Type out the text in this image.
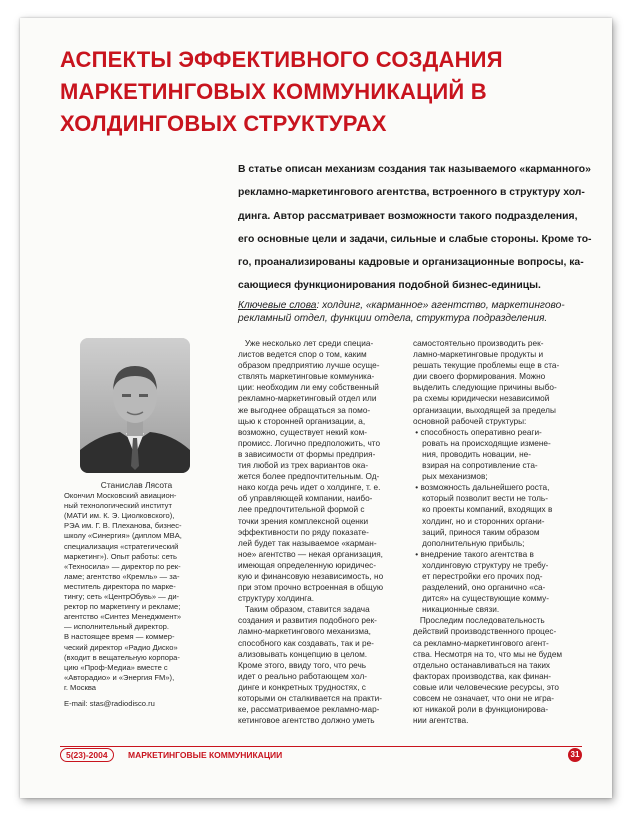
АСПЕКТЫ ЭФФЕКТИВНОГО СОЗДАНИЯ
МАРКЕТИНГОВЫХ КОММУНИКАЦИЙ В
ХОЛДИНГОВЫХ СТРУКТУРАХ
В статье описан механизм создания так называемого «карманного»
рекламно-маркетингового агентства, встроенного в структуру хол-
динга. Автор рассматривает возможности такого подразделения,
его основные цели и задачи, сильные и слабые стороны. Кроме то-
го, проанализированы кадровые и организационные вопросы, ка-
сающиеся функционирования подобной бизнес-единицы.
Ключевые слова: холдинг, «карманное» агентство, маркетингово-рекламный отдел, функции отдела, структура подразделения.
Станислав Лясота
Окончил Московский авиацион-
ный технологический институт
(МАТИ им. К. Э. Циолковского),
РЭА им. Г. В. Плеханова, бизнес-
школу «Синергия» (диплом MBA,
специализация «стратегический
маркетинг»). Опыт работы: сеть
«Техносила» — директор по рек-
ламе; агентство «Кремль» — за-
меститель директора по марке-
тингу; сеть «ЦентрОбувь» — ди-
ректор по маркетингу и рекламе;
агентство «Синтез Менеджмент»
— исполнительный директор.
В настоящее время — коммер-
ческий директор «Радио Диско»
(входит в вещательную корпора-
цию «Проф-Медиа» вместе с
«Авторадио» и «Энергия FM»),
г. Москва
E-mail: stas@radiodisco.ru
Уже несколько лет среди специа-
листов ведется спор о том, каким
образом предприятию лучше осуще-
ствлять маркетинговые коммуника-
ции: необходим ли ему собственный
рекламно-маркетинговый отдел или
же выгоднее обращаться за помо-
щью к сторонней организации, а,
возможно, существует некий ком-
промисс. Логично предположить, что
в зависимости от формы предприя-
тия любой из трех вариантов ока-
жется более предпочтительным. Од-
нако когда речь идет о холдинге, т. е.
об управляющей компании, наибо-
лее предпочтительной формой с
точки зрения комплексной оценки
эффективности по ряду показате-
лей будет так называемое «карман-
ное» агентство — некая организация,
имеющая определенную юридичес-
кую и финансовую независимость, но
при этом прочно встроенная в общую
структуру холдинга.
Таким образом, ставится задача
создания и развития подобного рек-
ламно-маркетингового механизма,
способного как создавать, так и ре-
ализовывать концепцию в целом.
Кроме этого, ввиду того, что речь
идет о реально работающем хол-
динге и конкретных трудностях, с
которыми он сталкивается на практи-
ке, рассматриваемое рекламно-мар-
кетинговое агентство должно уметь
самостоятельно производить рек-
ламно-маркетинговые продукты и
решать текущие проблемы еще в ста-
дии своего формирования. Можно
выделить следующие причины выбо-
ра схемы юридически независимой
организации, выходящей за пределы
основной рабочей структуры:
• способность оперативно реаги-
ровать на происходящие измене-
ния, проводить новации, не-
взирая на сопротивление ста-
рых механизмов;
• возможность дальнейшего роста,
который позволит вести не толь-
ко проекты компаний, входящих в
холдинг, но и сторонних органи-
заций, принося таким образом
дополнительную прибыль;
• внедрение такого агентства в
холдинговую структуру не требу-
ет перестройки его прочих под-
разделений, оно органично «са-
дится» на существующие комму-
никационные связи.
Проследим последовательность
действий производственного процес-
са рекламно-маркетингового агент-
ства. Несмотря на то, что мы не будем
отдельно останавливаться на таких
факторах производства, как финан-
совые или человеческие ресурсы, это
совсем не означает, что они не игра-
ют никакой роли в функционирова-
нии агентства.
5(23)-2004	МАРКЕТИНГОВЫЕ КОММУНИКАЦИИ	31
